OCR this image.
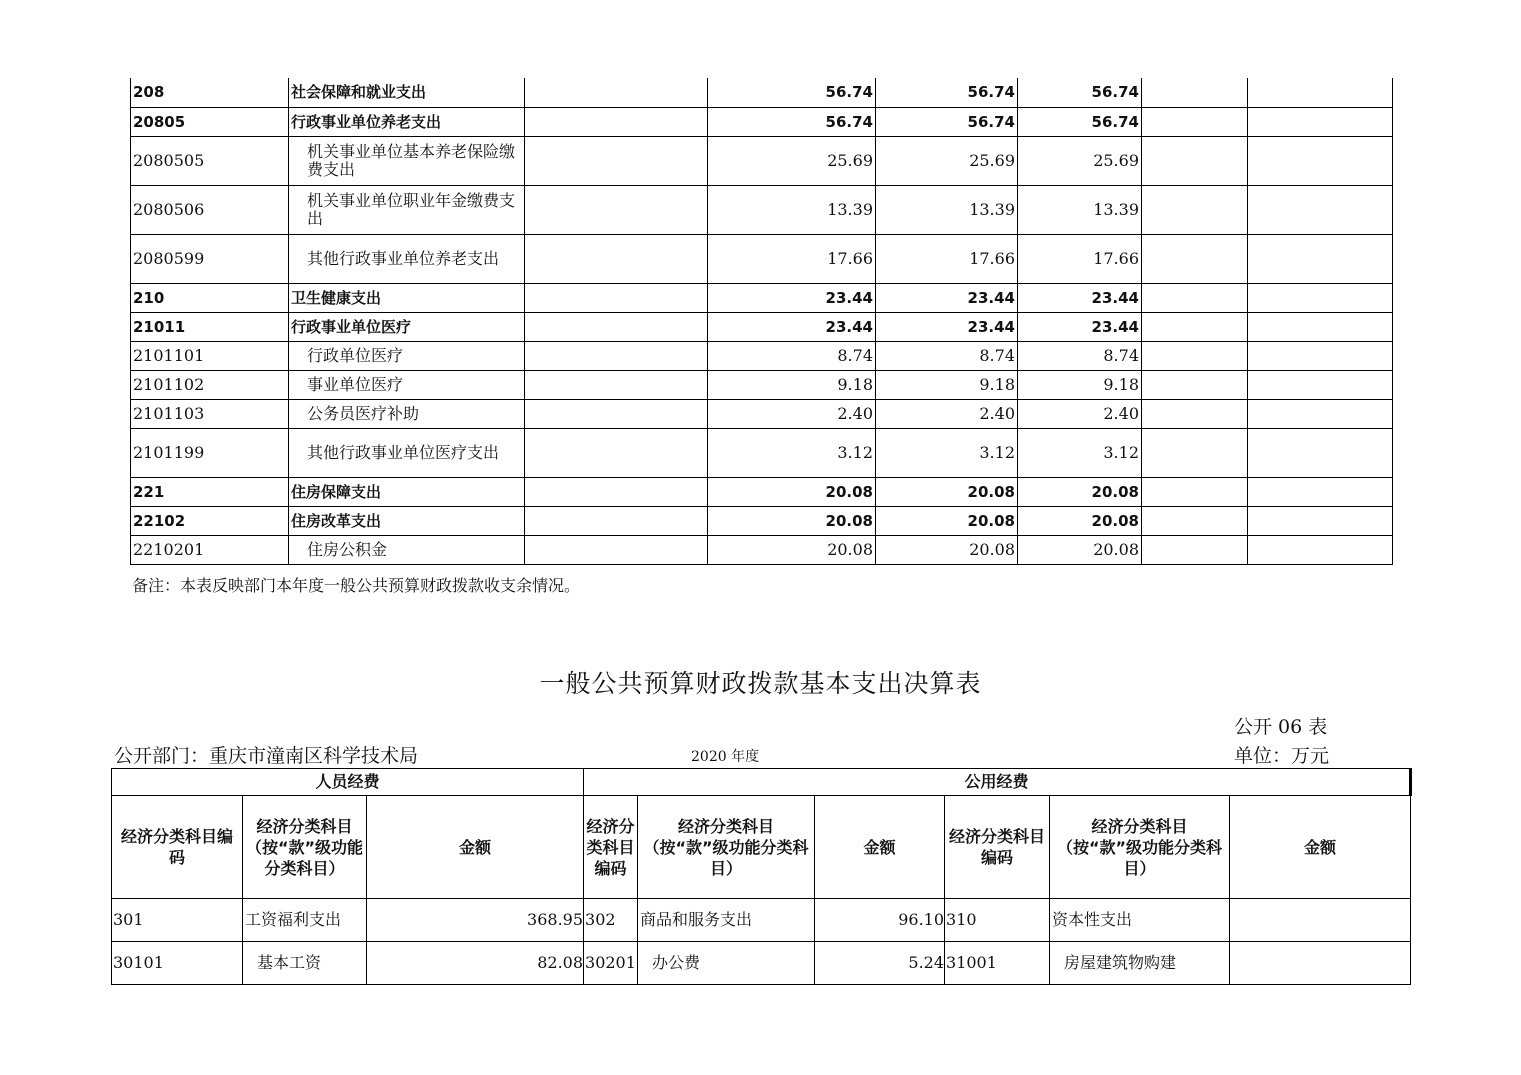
208	社会保障和就业支出		56.74	56.74	56.74		
20805	行政事业单位养老支出		56.74	56.74	56.74		
2080505	机关事业单位基本养老保险缴费支出		25.69	25.69	25.69		
2080506	机关事业单位职业年金缴费支出		13.39	13.39	13.39		
2080599	其他行政事业单位养老支出		17.66	17.66	17.66		
210	卫生健康支出		23.44	23.44	23.44		
21011	行政事业单位医疗		23.44	23.44	23.44		
2101101	行政单位医疗		8.74	8.74	8.74		
2101102	事业单位医疗		9.18	9.18	9.18		
2101103	公务员医疗补助		2.40	2.40	2.40		
2101199	其他行政事业单位医疗支出		3.12	3.12	3.12		
221	住房保障支出		20.08	20.08	20.08		
22102	住房改革支出		20.08	20.08	20.08		
2210201	住房公积金		20.08	20.08	20.08		
备注：本表反映部门本年度一般公共预算财政拨款收支余情况。
一般公共预算财政拨款基本支出决算表
公开 06 表
公开部门：重庆市潼南区科学技术局	2020 年度	单位：万元
人员经费			公用经费					
经济分类科目编码	经济分类科目（按“款”级功能分类科目）	金额	经济分类科目编码	经济分类科目（按“款”级功能分类科目）	金额	经济分类科目编码	经济分类科目（按“款”级功能分类科目）	金额
301	工资福利支出	368.95	302	商品和服务支出	96.10	310	资本性支出	
30101	基本工资	82.08	30201	办公费	5.24	31001	房屋建筑物购建	
